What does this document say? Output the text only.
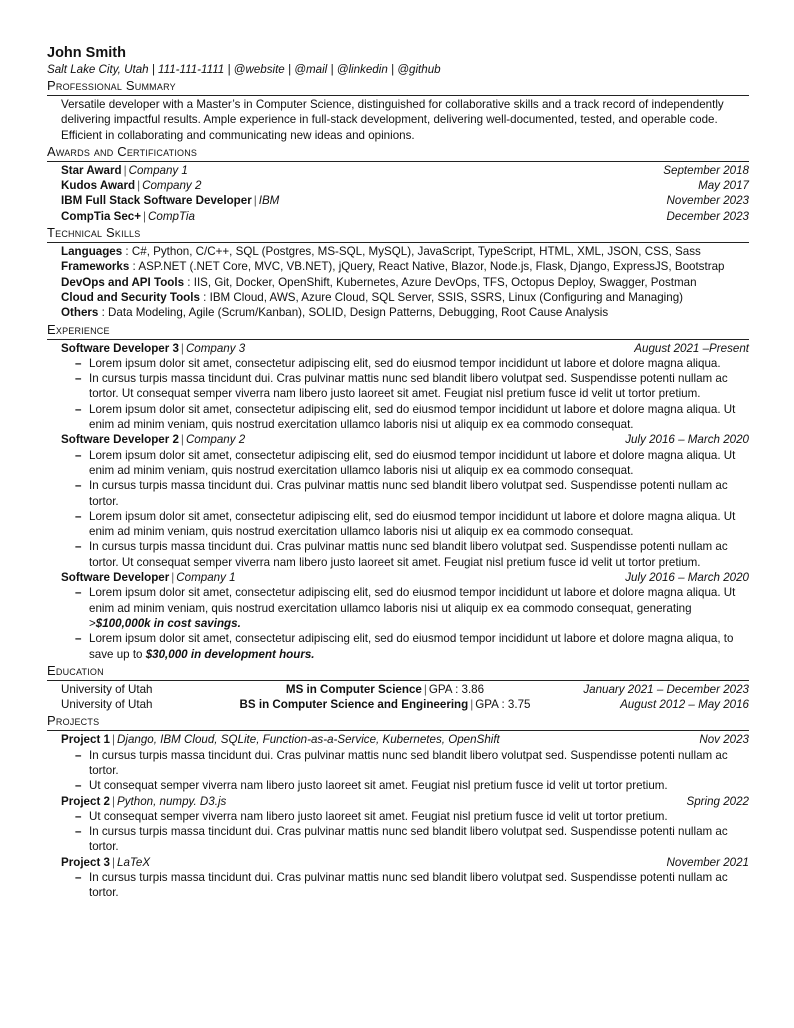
John Smith
Salt Lake City, Utah | 111-111-1111 | @website | @mail | @linkedin | @github
Professional Summary
Versatile developer with a Master’s in Computer Science, distinguished for collaborative skills and a track record of independently delivering impactful results. Ample experience in full-stack development, delivering well-documented, tested, and operable code. Efficient in collaborating and communicating new ideas and opinions.
Awards and Certifications
Star Award | Company 1	September 2018
Kudos Award | Company 2	May 2017
IBM Full Stack Software Developer | IBM	November 2023
CompTia Sec+ | CompTia	December 2023
Technical Skills
Languages : C#, Python, C/C++, SQL (Postgres, MS-SQL, MySQL), JavaScript, TypeScript, HTML, XML, JSON, CSS, Sass
Frameworks : ASP.NET (.NET Core, MVC, VB.NET), jQuery, React Native, Blazor, Node.js, Flask, Django, ExpressJS, Bootstrap
DevOps and API Tools : IIS, Git, Docker, OpenShift, Kubernetes, Azure DevOps, TFS, Octopus Deploy, Swagger, Postman
Cloud and Security Tools : IBM Cloud, AWS, Azure Cloud, SQL Server, SSIS, SSRS, Linux (Configuring and Managing)
Others : Data Modeling, Agile (Scrum/Kanban), SOLID, Design Patterns, Debugging, Root Cause Analysis
Experience
Software Developer 3 | Company 3	August 2021 –Present
– Lorem ipsum dolor sit amet, consectetur adipiscing elit, sed do eiusmod tempor incididunt ut labore et dolore magna aliqua.
– In cursus turpis massa tincidunt dui. Cras pulvinar mattis nunc sed blandit libero volutpat sed. Suspendisse potenti nullam ac tortor. Ut consequat semper viverra nam libero justo laoreet sit amet. Feugiat nisl pretium fusce id velit ut tortor pretium.
– Lorem ipsum dolor sit amet, consectetur adipiscing elit, sed do eiusmod tempor incididunt ut labore et dolore magna aliqua. Ut enim ad minim veniam, quis nostrud exercitation ullamco laboris nisi ut aliquip ex ea commodo consequat.
Software Developer 2 | Company 2	July 2016 – March 2020
– Lorem ipsum dolor sit amet, consectetur adipiscing elit, sed do eiusmod tempor incididunt ut labore et dolore magna aliqua. Ut enim ad minim veniam, quis nostrud exercitation ullamco laboris nisi ut aliquip ex ea commodo consequat.
– In cursus turpis massa tincidunt dui. Cras pulvinar mattis nunc sed blandit libero volutpat sed. Suspendisse potenti nullam ac tortor.
– Lorem ipsum dolor sit amet, consectetur adipiscing elit, sed do eiusmod tempor incididunt ut labore et dolore magna aliqua. Ut enim ad minim veniam, quis nostrud exercitation ullamco laboris nisi ut aliquip ex ea commodo consequat.
– In cursus turpis massa tincidunt dui. Cras pulvinar mattis nunc sed blandit libero volutpat sed. Suspendisse potenti nullam ac tortor. Ut consequat semper viverra nam libero justo laoreet sit amet. Feugiat nisl pretium fusce id velit ut tortor pretium.
Software Developer | Company 1	July 2016 – March 2020
– Lorem ipsum dolor sit amet, consectetur adipiscing elit, sed do eiusmod tempor incididunt ut labore et dolore magna aliqua. Ut enim ad minim veniam, quis nostrud exercitation ullamco laboris nisi ut aliquip ex ea commodo consequat, generating >$100,000k in cost savings.
– Lorem ipsum dolor sit amet, consectetur adipiscing elit, sed do eiusmod tempor incididunt ut labore et dolore magna aliqua, to save up to $30,000 in development hours.
Education
University of Utah	MS in Computer Science | GPA : 3.86	January 2021 – December 2023
University of Utah	BS in Computer Science and Engineering | GPA : 3.75	August 2012 – May 2016
Projects
Project 1 | Django, IBM Cloud, SQLite, Function-as-a-Service, Kubernetes, OpenShift	Nov 2023
– In cursus turpis massa tincidunt dui. Cras pulvinar mattis nunc sed blandit libero volutpat sed. Suspendisse potenti nullam ac tortor.
– Ut consequat semper viverra nam libero justo laoreet sit amet. Feugiat nisl pretium fusce id velit ut tortor pretium.
Project 2 | Python, numpy. D3.js	Spring 2022
– Ut consequat semper viverra nam libero justo laoreet sit amet. Feugiat nisl pretium fusce id velit ut tortor pretium.
– In cursus turpis massa tincidunt dui. Cras pulvinar mattis nunc sed blandit libero volutpat sed. Suspendisse potenti nullam ac tortor.
Project 3 | LaTeX	November 2021
– In cursus turpis massa tincidunt dui. Cras pulvinar mattis nunc sed blandit libero volutpat sed. Suspendisse potenti nullam ac tortor.
